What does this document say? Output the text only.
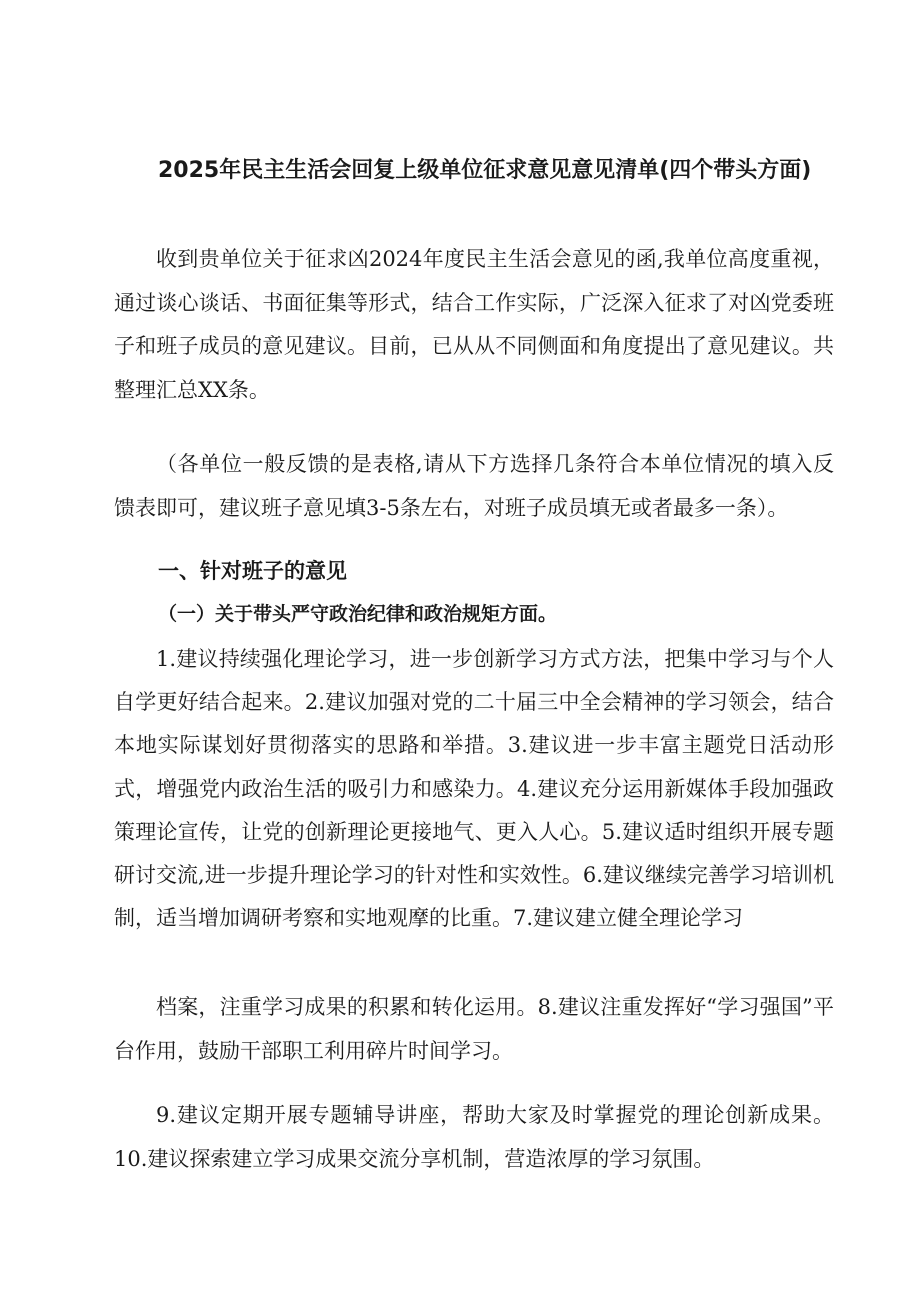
2025年民主生活会回复上级单位征求意见意见清单(四个带头方面)

收到贵单位关于征求凶2024年度民主生活会意见的函,我单位高度重视，通过谈心谈话、书面征集等形式，结合工作实际，广泛深入征求了对凶党委班子和班子成员的意见建议。目前，已从从不同侧面和角度提出了意见建议。共整理汇总XX条。

（各单位一般反馈的是表格,请从下方选择几条符合本单位情况的填入反馈表即可，建议班子意见填3-5条左右，对班子成员填无或者最多一条）。

一、针对班子的意见
（一）关于带头严守政治纪律和政治规矩方面。

1.建议持续强化理论学习，进一步创新学习方式方法，把集中学习与个人自学更好结合起来。2.建议加强对党的二十届三中全会精神的学习领会，结合本地实际谋划好贯彻落实的思路和举措。3.建议进一步丰富主题党日活动形式，增强党内政治生活的吸引力和感染力。4.建议充分运用新媒体手段加强政策理论宣传，让党的创新理论更接地气、更入人心。5.建议适时组织开展专题研讨交流,进一步提升理论学习的针对性和实效性。6.建议继续完善学习培训机制，适当增加调研考察和实地观摩的比重。7.建议建立健全理论学习

档案，注重学习成果的积累和转化运用。8.建议注重发挥好“学习强国”平台作用，鼓励干部职工利用碎片时间学习。

9.建议定期开展专题辅导讲座，帮助大家及时掌握党的理论创新成果。10.建议探索建立学习成果交流分享机制，营造浓厚的学习氛围。
